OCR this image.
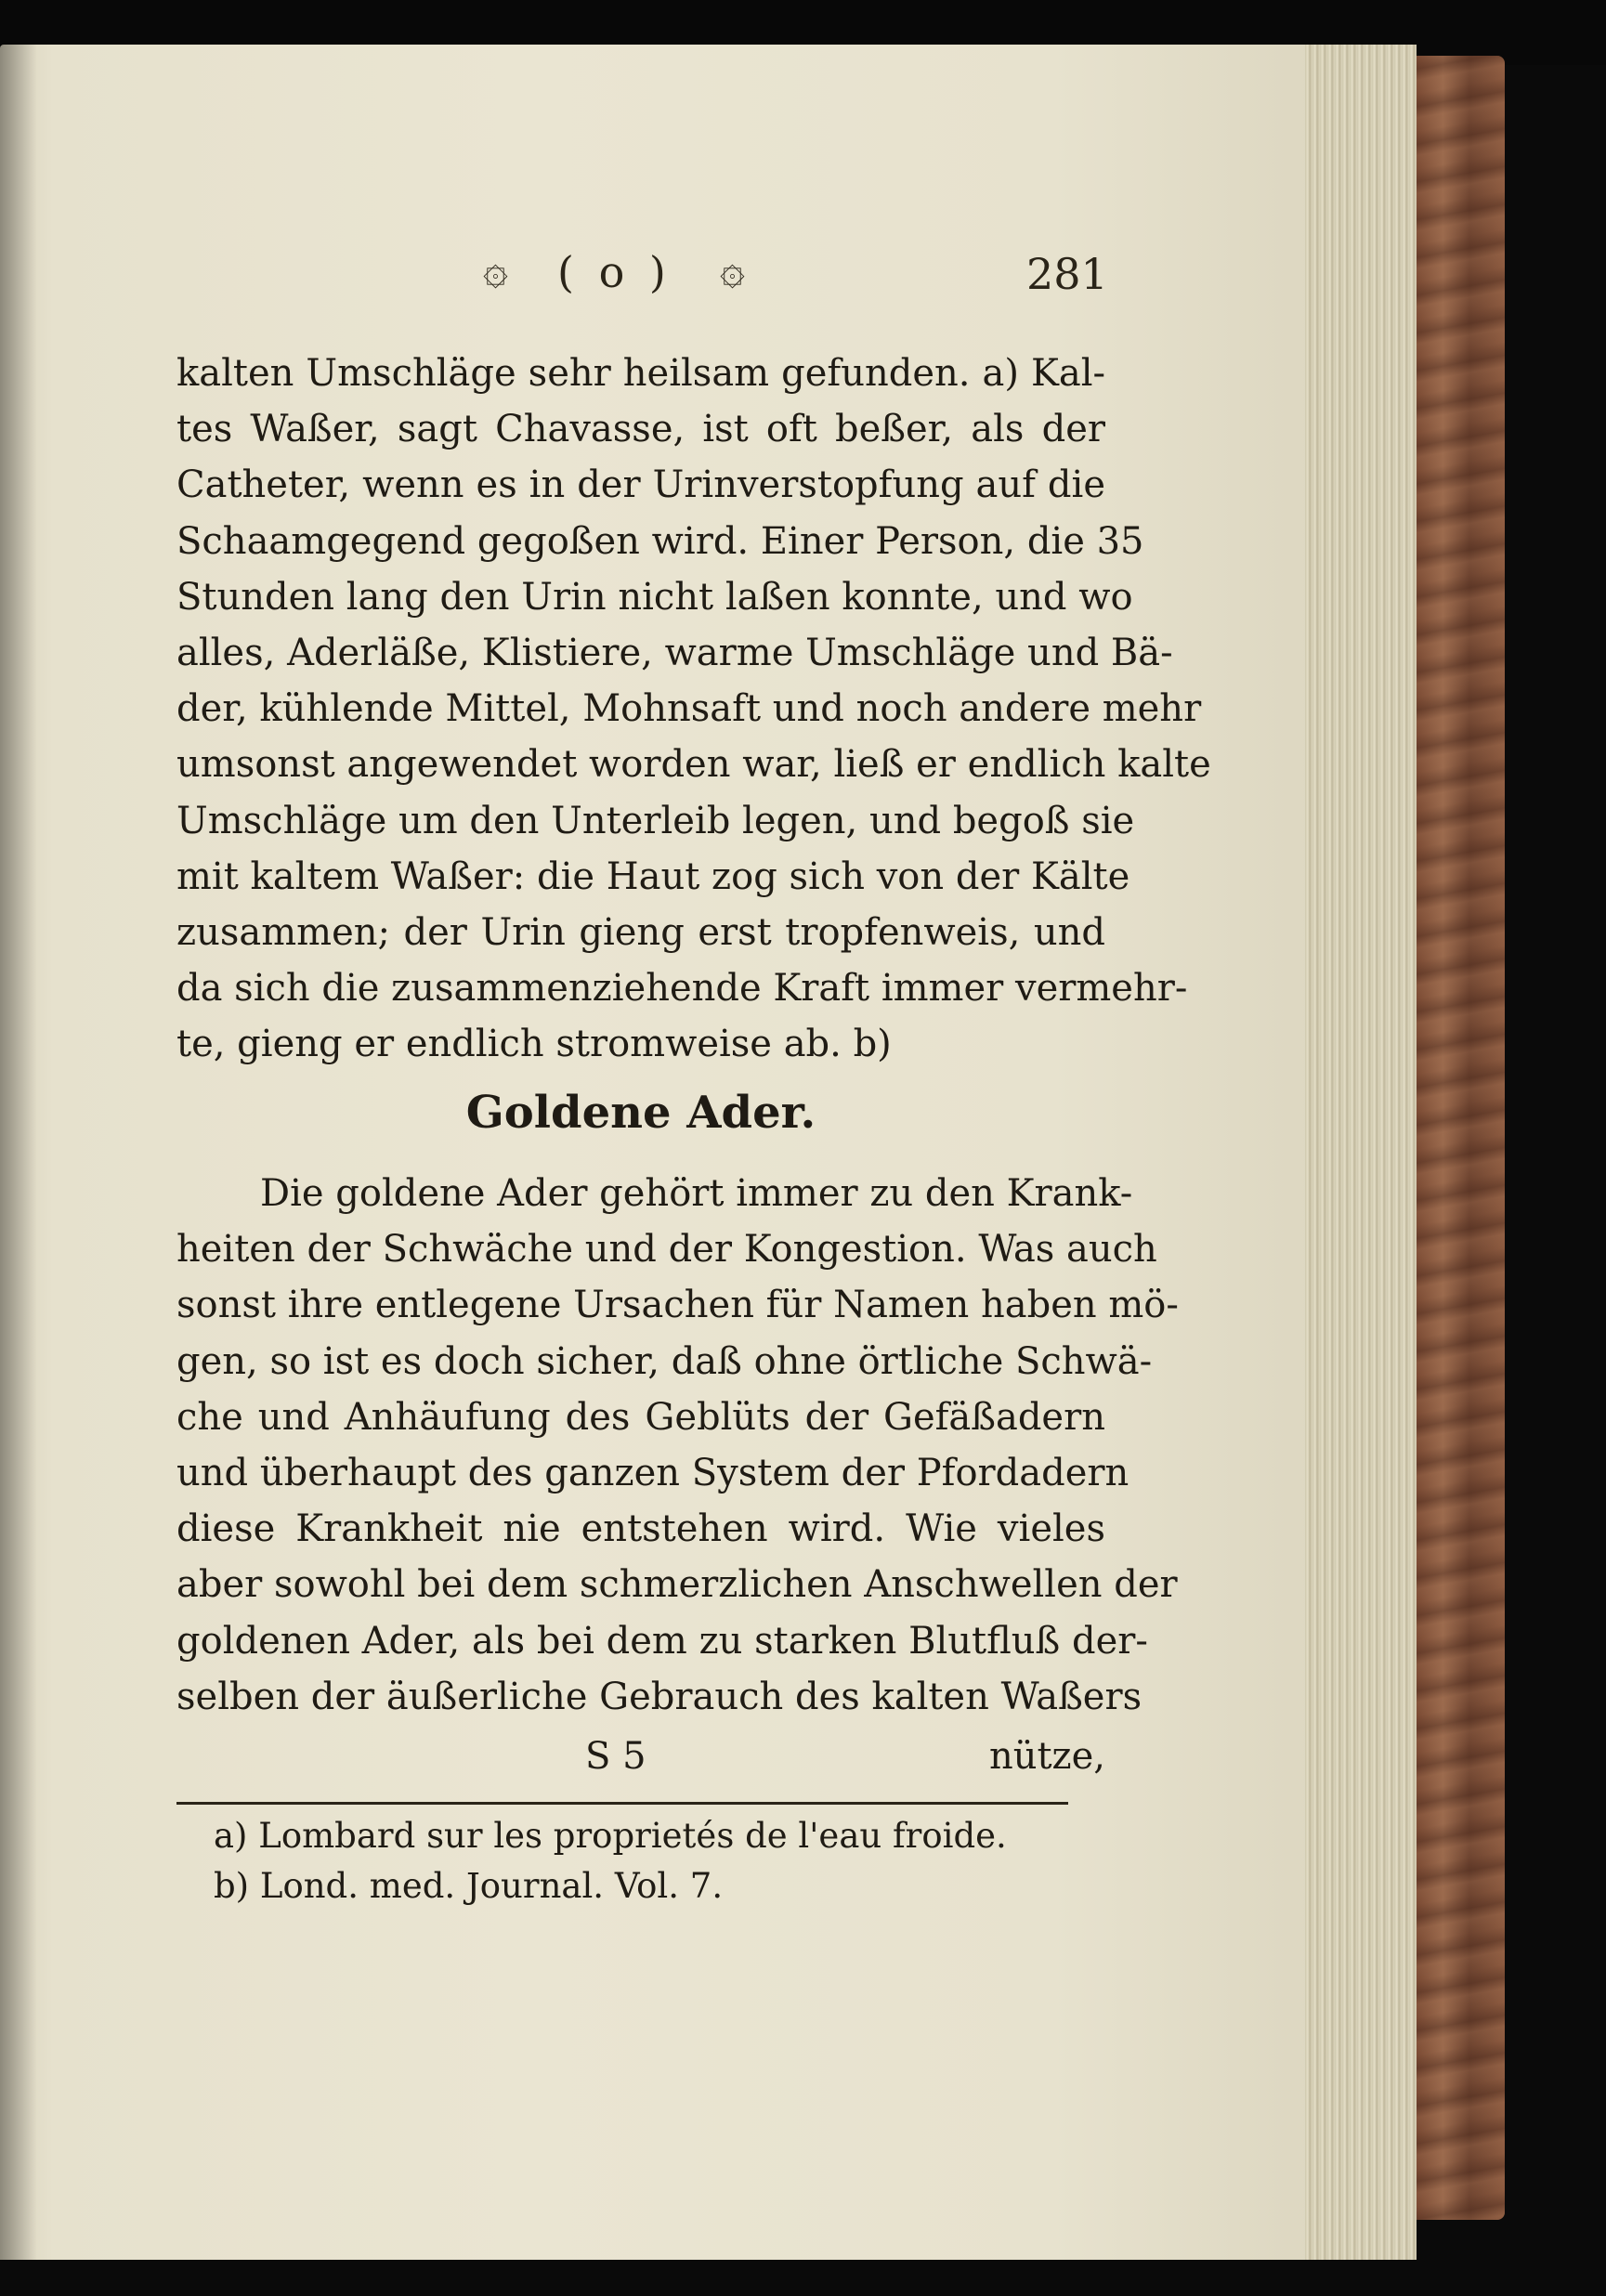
۞ ( o ) ۞	281
kalten Umschläge sehr heilsam gefunden. a) Kal-
tes Waßer, sagt Chavasse, ist oft beßer, als der
Catheter, wenn es in der Urinverstopfung auf die
Schaamgegend gegoßen wird. Einer Person, die 35
Stunden lang den Urin nicht laßen konnte, und wo
alles, Aderläße, Klistiere, warme Umschläge und Bä-
der, kühlende Mittel, Mohnsaft und noch andere mehr
umsonst angewendet worden war, ließ er endlich kalte
Umschläge um den Unterleib legen, und begoß sie
mit kaltem Waßer: die Haut zog sich von der Kälte
zusammen; der Urin gieng erst tropfenweis, und
da sich die zusammenziehende Kraft immer vermehr-
te, gieng er endlich stromweise ab. b)
Goldene Ader.
Die goldene Ader gehört immer zu den Krank-
heiten der Schwäche und der Kongestion. Was auch
sonst ihre entlegene Ursachen für Namen haben mö-
gen, so ist es doch sicher, daß ohne örtliche Schwä-
che und Anhäufung des Geblüts der Gefäßadern
und überhaupt des ganzen System der Pfordadern
diese Krankheit nie entstehen wird. Wie vieles
aber sowohl bei dem schmerzlichen Anschwellen der
goldenen Ader, als bei dem zu starken Blutfluß der-
selben der äußerliche Gebrauch des kalten Waßers
S 5	nütze,
a) Lombard sur les proprietés de l'eau froide.
b) Lond. med. Journal. Vol. 7.
